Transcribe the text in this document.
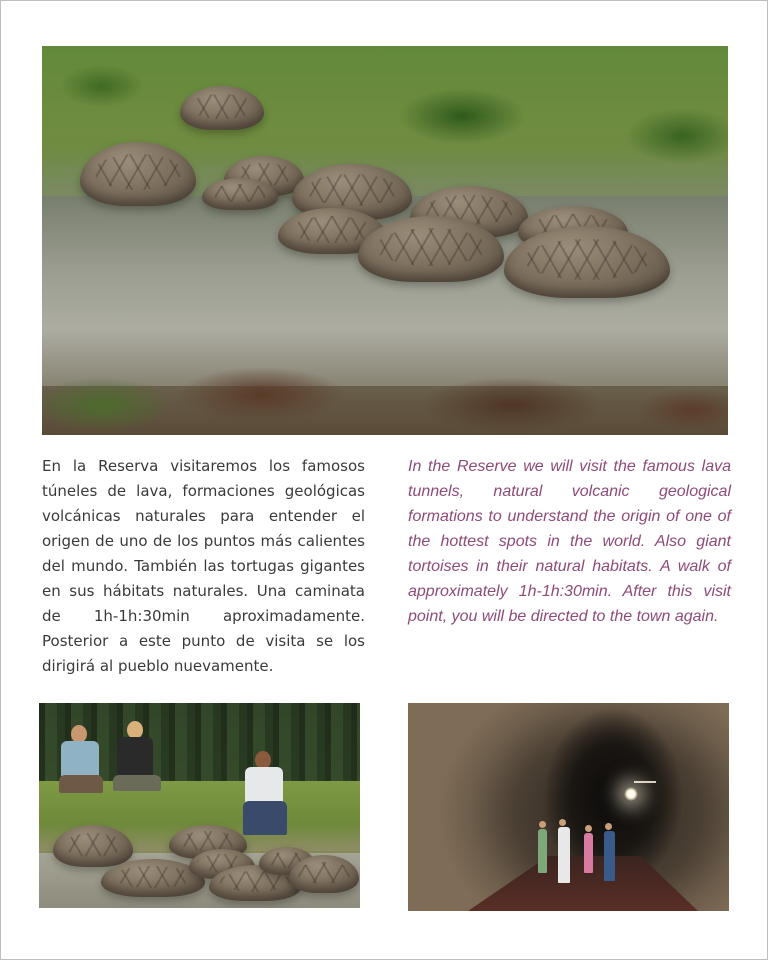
En la Reserva visitaremos los famosos túneles de lava, formaciones geológicas volcánicas naturales para entender el origen de uno de los puntos más calientes del mundo. También las tortugas gigantes en sus hábitats naturales. Una caminata de 1h-1h:30min aproximadamente. Posterior a este punto de visita se los dirigirá al pueblo nuevamente.

In the Reserve we will visit the famous lava tunnels, natural volcanic geological formations to understand the origin of one of the hottest spots in the world. Also giant tortoises in their natural habitats. A walk of approximately 1h-1h:30min. After this visit point, you will be directed to the town again.
